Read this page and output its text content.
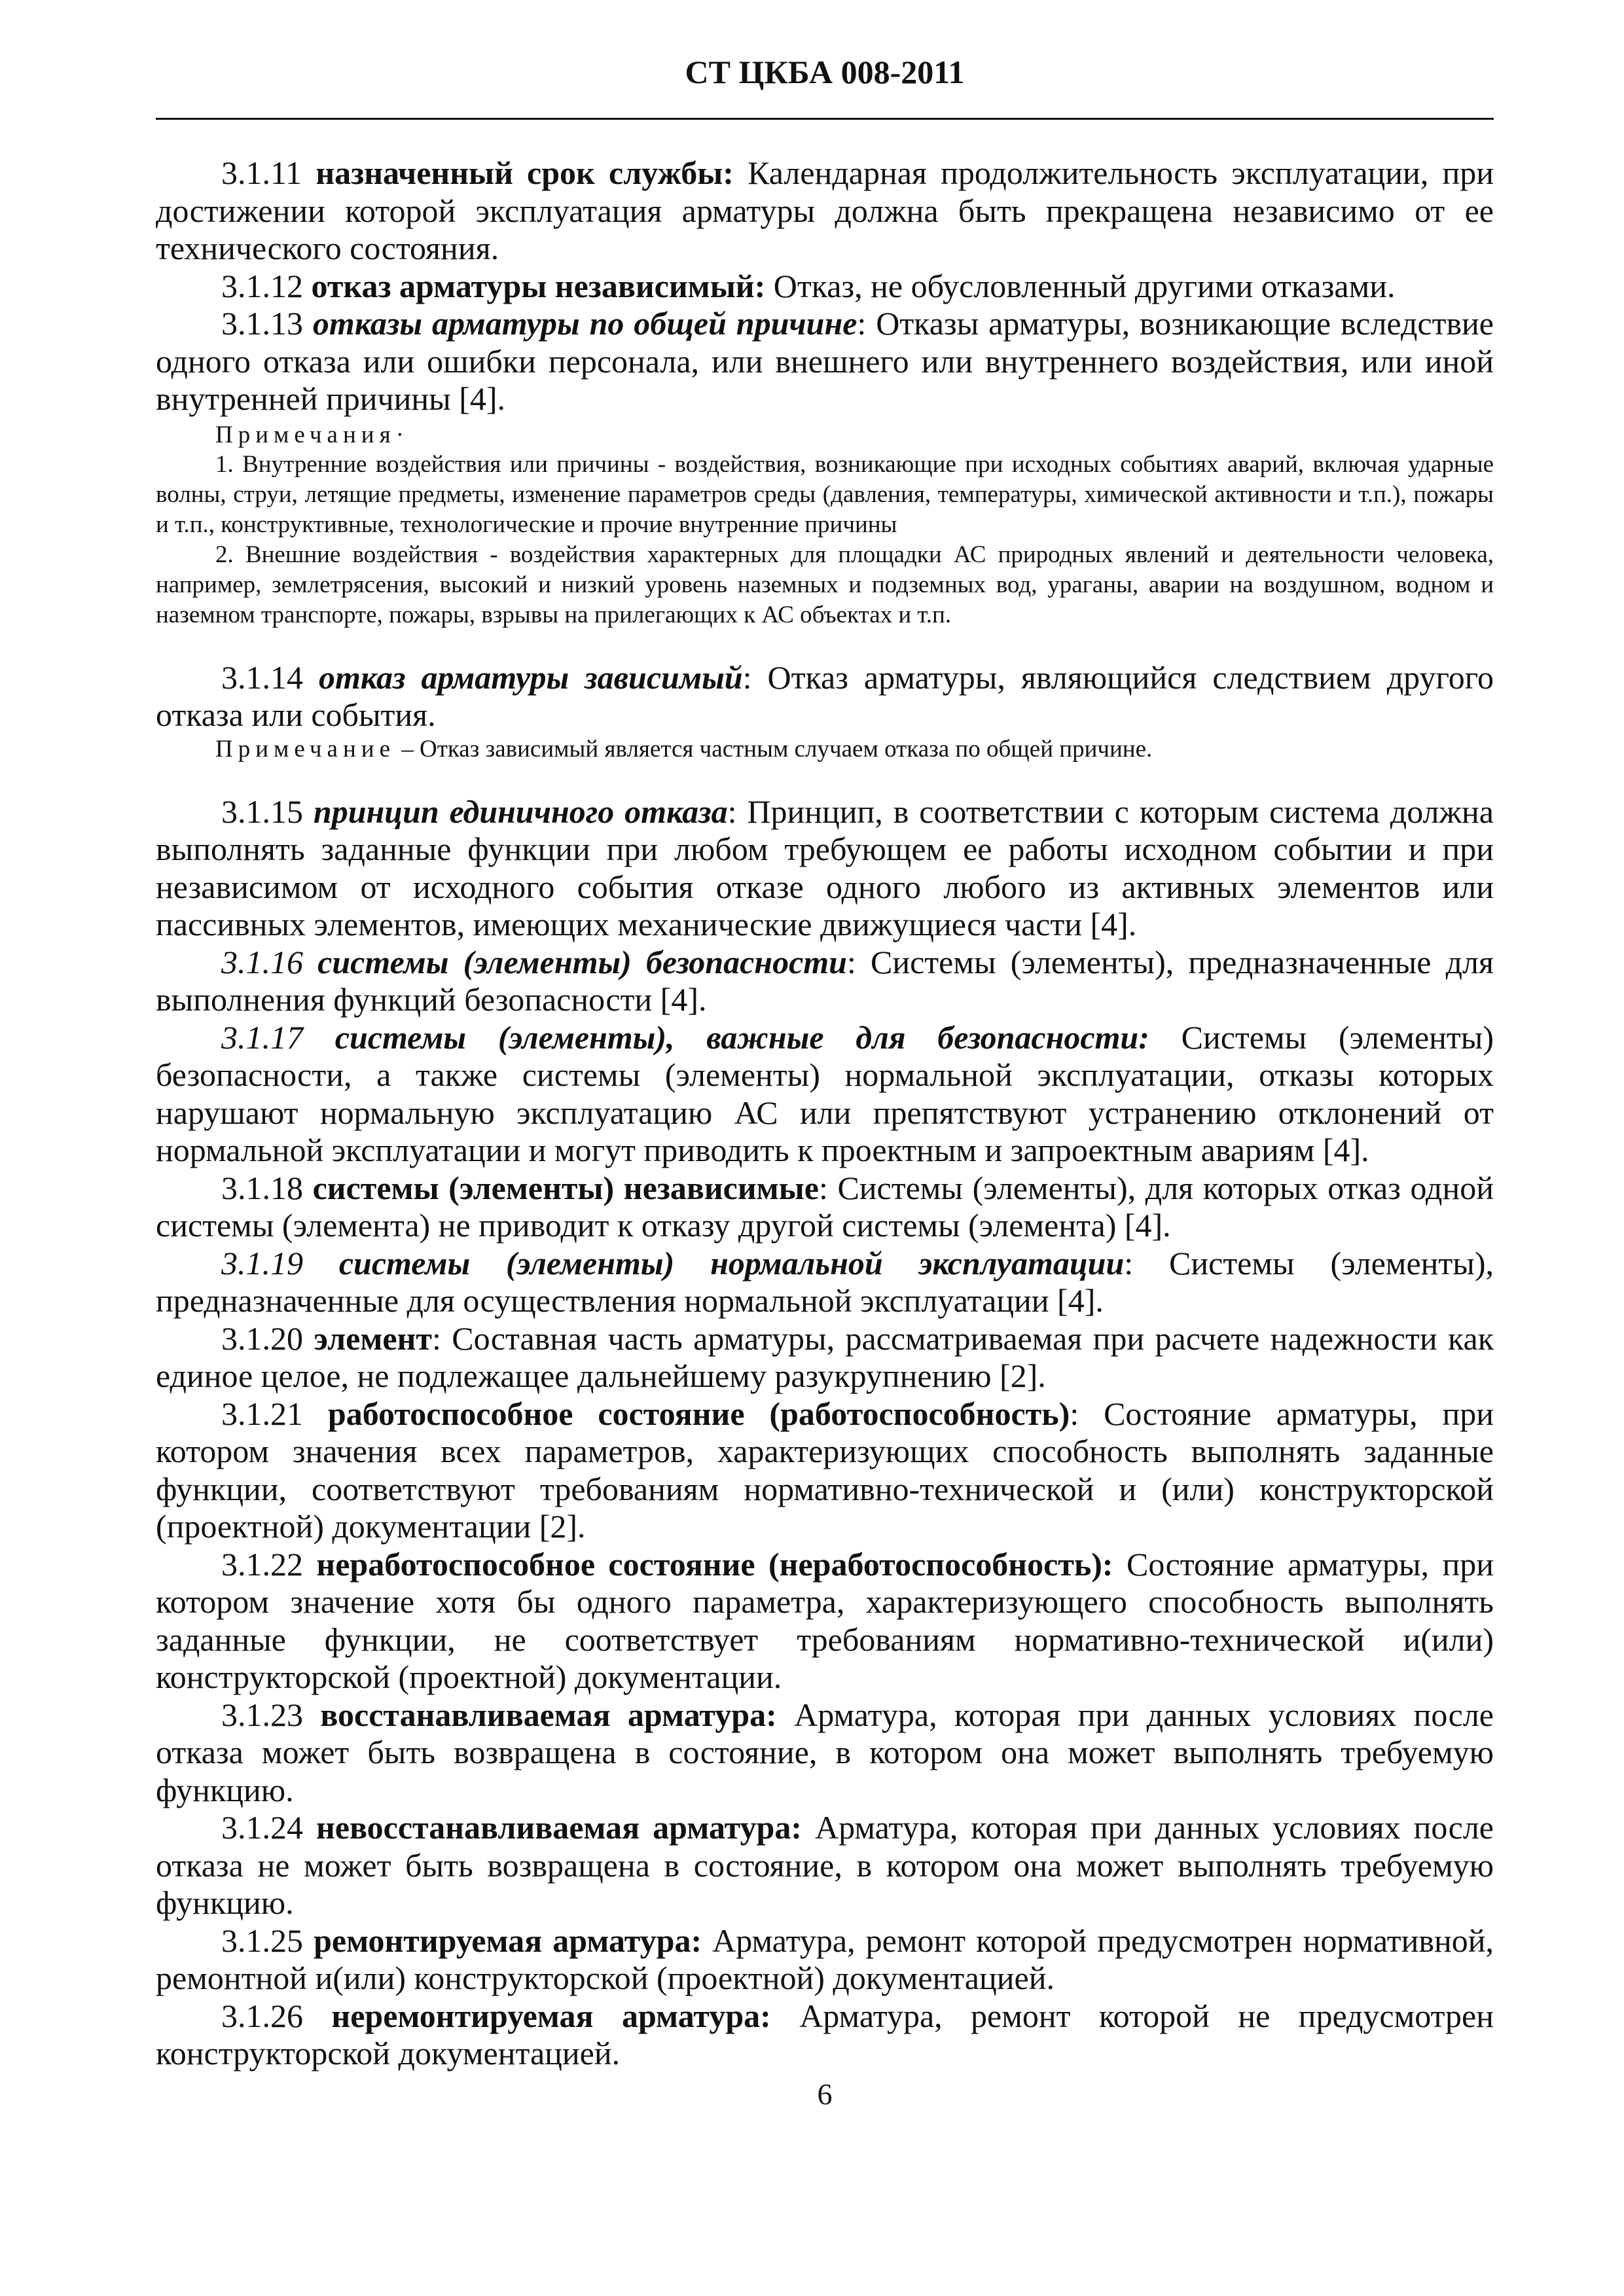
СТ ЦКБА 008-2011

3.1.11 назначенный срок службы: Календарная продолжительность эксплуатации, при достижении которой эксплуатация арматуры должна быть прекращена независимо от ее технического состояния.

3.1.12 отказ арматуры независимый: Отказ, не обусловленный другими отказами.

3.1.13 отказы арматуры по общей причине: Отказы арматуры, возникающие вследствие одного отказа или ошибки персонала, или внешнего или внутреннего воздействия, или иной внутренней причины [4].

Примечания·

1. Внутренние воздействия или причины - воздействия, возникающие при исходных событиях аварий, включая ударные волны, струи, летящие предметы, изменение параметров среды (давления, температуры, химической активности и т.п.), пожары и т.п., конструктивные, технологические и прочие внутренние причины

2. Внешние воздействия - воздействия характерных для площадки АС природных явлений и деятельности человека, например, землетрясения, высокий и низкий уровень наземных и подземных вод, ураганы, аварии на воздушном, водном и наземном транспорте, пожары, взрывы на прилегающих к АС объектах и т.п.

3.1.14 отказ арматуры зависимый: Отказ арматуры, являющийся следствием другого отказа или события.

Примечание – Отказ зависимый является частным случаем отказа по общей причине.

3.1.15 принцип единичного отказа: Принцип, в соответствии с которым система должна выполнять заданные функции при любом требующем ее работы исходном событии и при независимом от исходного события отказе одного любого из активных элементов или пассивных элементов, имеющих механические движущиеся части [4].

3.1.16 системы (элементы) безопасности: Системы (элементы), предназначенные для выполнения функций безопасности [4].

3.1.17 системы (элементы), важные для безопасности: Системы (элементы) безопасности, а также системы (элементы) нормальной эксплуатации, отказы которых нарушают нормальную эксплуатацию АС или препятствуют устранению отклонений от нормальной эксплуатации и могут приводить к проектным и запроектным авариям [4].

3.1.18 системы (элементы) независимые: Системы (элементы), для которых отказ одной системы (элемента) не приводит к отказу другой системы (элемента) [4].

3.1.19 системы (элементы) нормальной эксплуатации: Системы (элементы), предназначенные для осуществления нормальной эксплуатации [4].

3.1.20 элемент: Составная часть арматуры, рассматриваемая при расчете надежности как единое целое, не подлежащее дальнейшему разукрупнению [2].

3.1.21 работоспособное состояние (работоспособность): Состояние арматуры, при котором значения всех параметров, характеризующих способность выполнять заданные функции, соответствуют требованиям нормативно-технической и (или) конструкторской (проектной) документации [2].

3.1.22 неработоспособное состояние (неработоспособность): Состояние арматуры, при котором значение хотя бы одного параметра, характеризующего способность выполнять заданные функции, не соответствует требованиям нормативно-технической и(или) конструкторской (проектной) документации.

3.1.23 восстанавливаемая арматура: Арматура, которая при данных условиях после отказа может быть возвращена в состояние, в котором она может выполнять требуемую функцию.

3.1.24 невосстанавливаемая арматура: Арматура, которая при данных условиях после отказа не может быть возвращена в состояние, в котором она может выполнять требуемую функцию.

3.1.25 ремонтируемая арматура: Арматура, ремонт которой предусмотрен нормативной, ремонтной и(или) конструкторской (проектной) документацией.

3.1.26 неремонтируемая арматура: Арматура, ремонт которой не предусмотрен конструкторской документацией.

6
